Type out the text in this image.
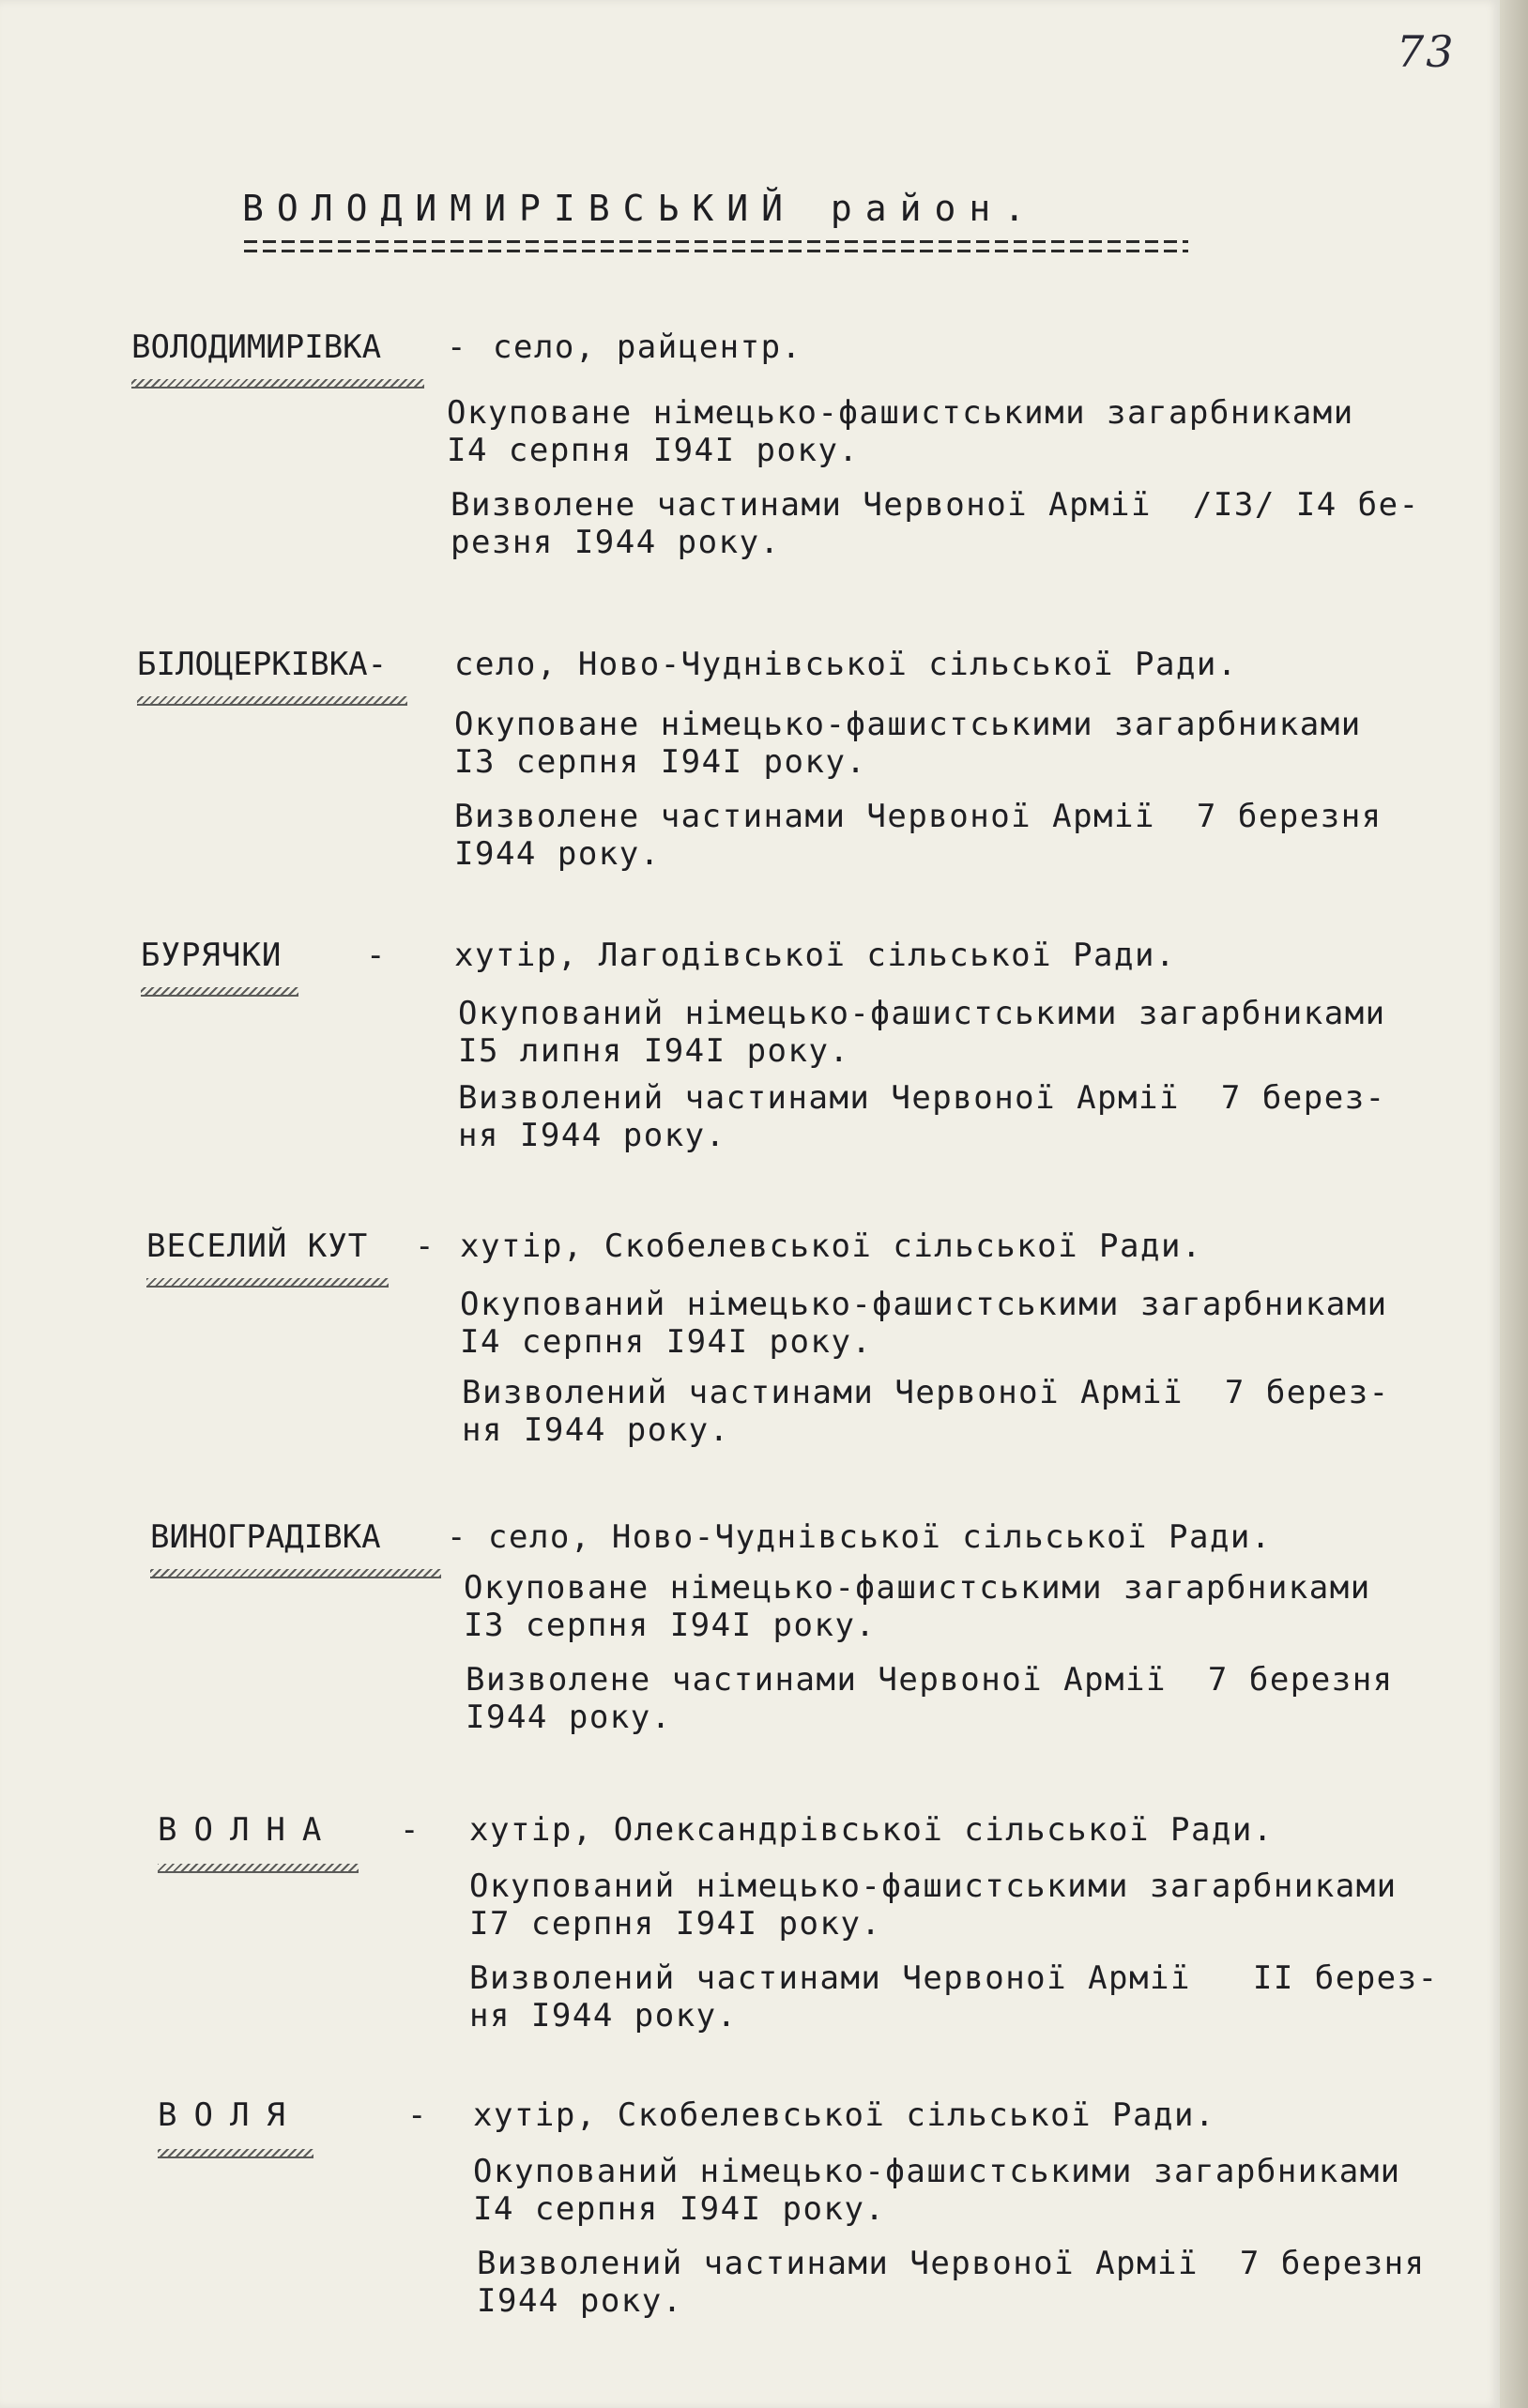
73
ВОЛОДИМИРІВСЬКИЙ район.
ВОЛОДИМИРІВКА - село, райцентр.
Окуповане німецько-фашистськими загарбниками
І4 серпня І94І року.
Визволене частинами Червоної Армії  /ІЗ/ І4 бе-
резня І944 року.
БІЛОЦЕРКІВКА- село, Ново-Чуднівської сільської Ради.
Окуповане німецько-фашистськими загарбниками
ІЗ серпня І94І року.
Визволене частинами Червоної Армії  7 березня
І944 року.
БУРЯЧКИ	- хутір, Лагодівської сільської Ради.
Окупований німецько-фашистськими загарбниками
І5 липня І94І року.
Визволений частинами Червоної Армії  7 берез-
ня І944 року.
ВЕСЕЛИЙ КУТ - хутір, Скобелевської сільської Ради.
Окупований німецько-фашистськими загарбниками
І4 серпня І94І року.
Визволений частинами Червоної Армії  7 берез-
ня І944 року.
ВИНОГРАДІВКА - село, Ново-Чуднівської сільської Ради.
Окуповане німецько-фашистськими загарбниками
ІЗ серпня І94І року.
Визволене частинами Червоної Армії  7 березня
І944 року.
ВОЛНА - хутір, Олександрівської сільської Ради.
Окупований німецько-фашистськими загарбниками
І7 серпня І94І року.
Визволений частинами Червоної Армії   ІІ берез-
ня І944 року.
ВОЛЯ	- хутір, Скобелевської сільської Ради.
Окупований німецько-фашистськими загарбниками
І4 серпня І94І року.
Визволений частинами Червоної Армії  7 березня
І944 року.
